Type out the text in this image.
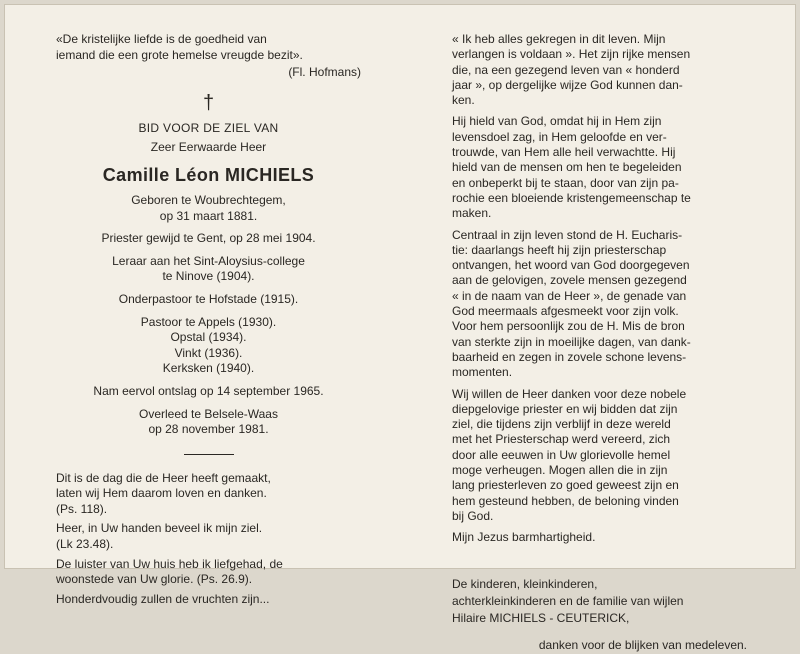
«De kristelijke liefde is de goedheid van
iemand die een grote hemelse vreugde bezit».

(Fl. Hofmans)

†
BID VOOR DE ZIEL VAN
Zeer Eerwaarde Heer
Camille Léon MICHIELS
Geboren te Woubrechtegem,
op 31 maart 1881.
Priester gewijd te Gent, op 28 mei 1904.
Leraar aan het Sint-Aloysius-college
te Ninove (1904).
Onderpastoor te Hofstade (1915).
Pastoor te Appels (1930).
Opstal (1934).
Vinkt (1936).
Kerksken (1940).
Nam eervol ontslag op 14 september 1965.
Overleed te Belsele-Waas
op 28 november 1981.

Dit is de dag die de Heer heeft gemaakt,
laten wij Hem daarom loven en danken.
(Ps. 118).

Heer, in Uw handen beveel ik mijn ziel.
(Lk 23.48).

De luister van Uw huis heb ik liefgehad, de
woonstede van Uw glorie. (Ps. 26.9).

Honderdvoudig zullen de vruchten zijn...

« Ik heb alles gekregen in dit leven. Mijn
verlangen is voldaan ». Het zijn rijke mensen
die, na een gezegend leven van « honderd
jaar », op dergelijke wijze God kunnen dan-
ken.

Hij hield van God, omdat hij in Hem zijn
levensdoel zag, in Hem geloofde en ver-
trouwde, van Hem alle heil verwachtte. Hij
hield van de mensen om hen te begeleiden
en onbeperkt bij te staan, door van zijn pa-
rochie een bloeiende kristengemeenschap te
maken.

Centraal in zijn leven stond de H. Eucharis-
tie: daarlangs heeft hij zijn priesterschap
ontvangen, het woord van God doorgegeven
aan de gelovigen, zovele mensen gezegend
« in de naam van de Heer », de genade van
God meermaals afgesmeekt voor zijn volk.
Voor hem persoonlijk zou de H. Mis de bron
van sterkte zijn in moeilijke dagen, van dank-
baarheid en zegen in zovele schone levens-
momenten.

Wij willen de Heer danken voor deze nobele
diepgelovige priester en wij bidden dat zijn
ziel, die tijdens zijn verblijf in deze wereld
met het Priesterschap werd vereerd, zich
door alle eeuwen in Uw glorievolle hemel
moge verheugen. Mogen allen die in zijn
lang priesterleven zo goed geweest zijn en
hem gesteund hebben, de beloning vinden
bij God.

Mijn Jezus barmhartigheid.

De kinderen, kleinkinderen,
achterkleinkinderen en de familie van wijlen
Hilaire MICHIELS - CEUTERICK,
danken voor de blijken van medeleven.
